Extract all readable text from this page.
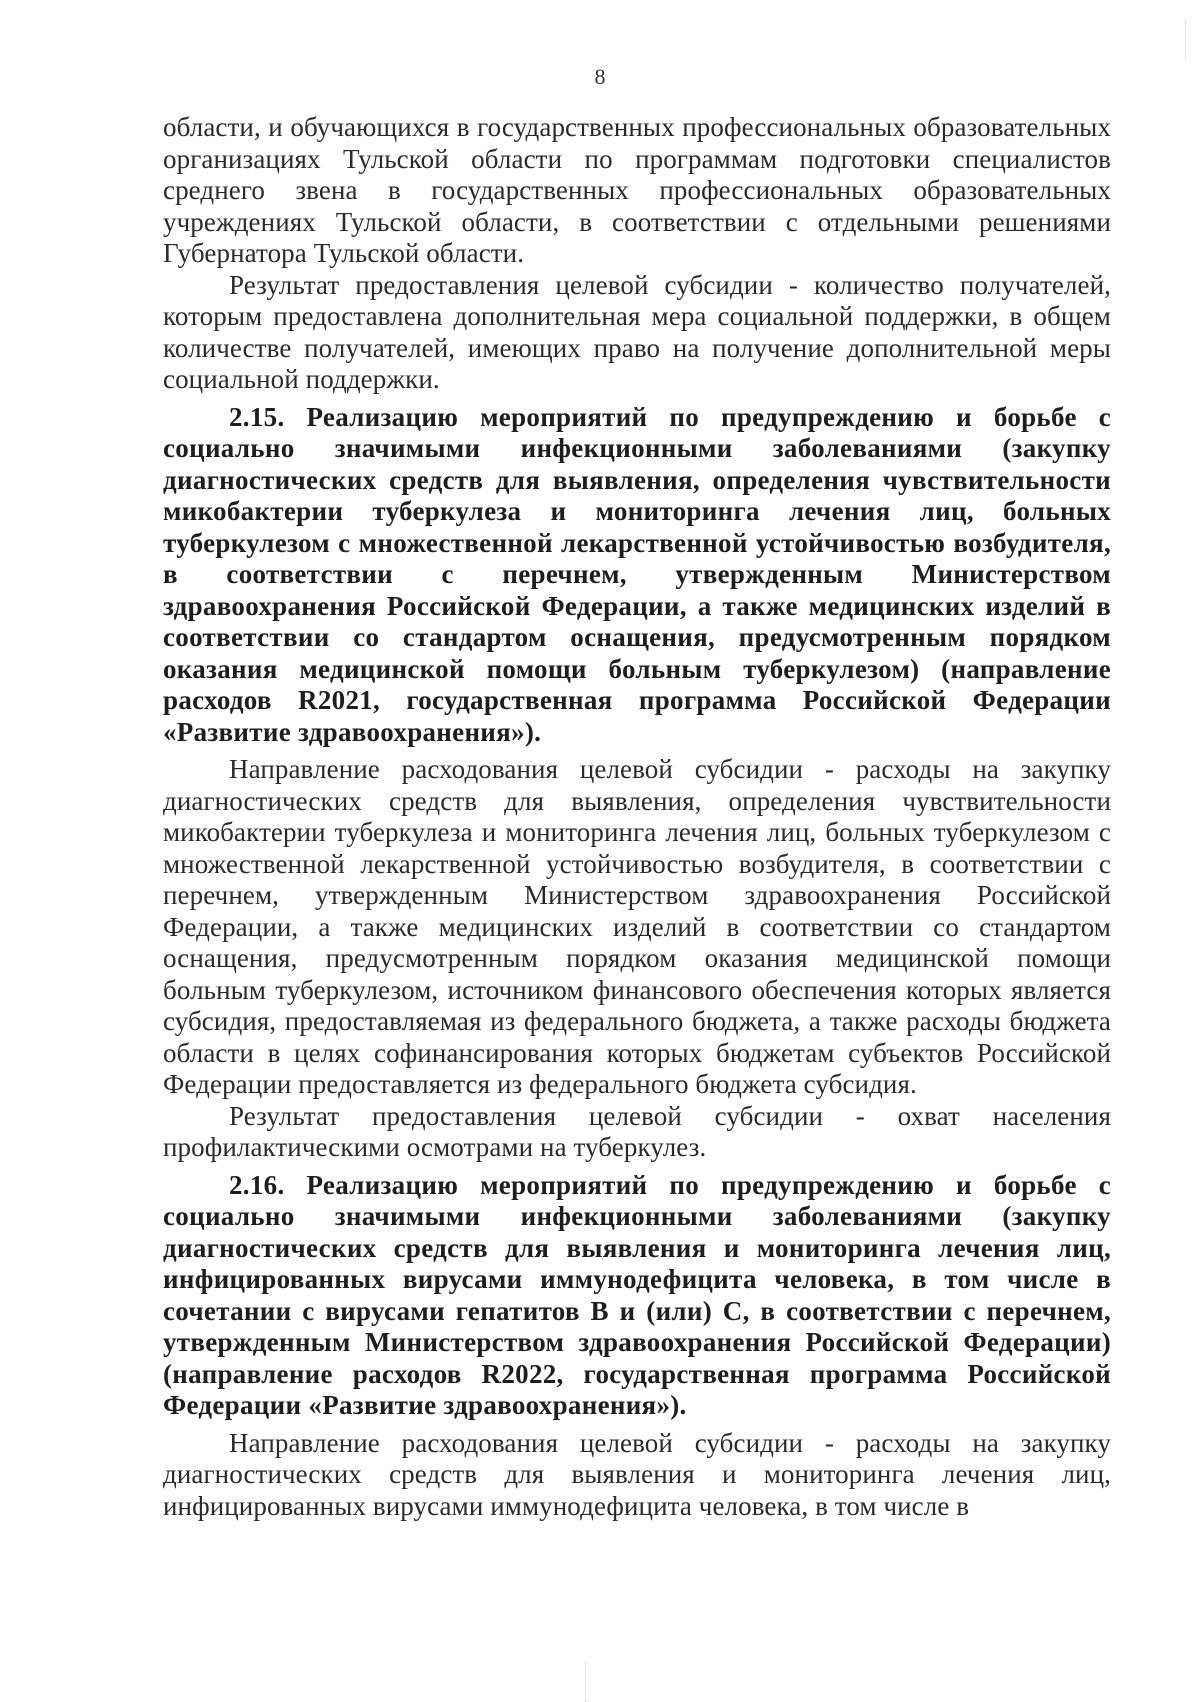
8

области, и обучающихся в государственных профессиональных образовательных организациях Тульской области по программам подготовки специалистов среднего звена в государственных профессиональных образовательных учреждениях Тульской области, в соответствии с отдельными решениями Губернатора Тульской области.

Результат предоставления целевой субсидии - количество получателей, которым предоставлена дополнительная мера социальной поддержки, в общем количестве получателей, имеющих право на получение дополнительной меры социальной поддержки.

2.15. Реализацию мероприятий по предупреждению и борьбе с социально значимыми инфекционными заболеваниями (закупку диагностических средств для выявления, определения чувствительности микобактерии туберкулеза и мониторинга лечения лиц, больных туберкулезом с множественной лекарственной устойчивостью возбудителя, в соответствии с перечнем, утвержденным Министерством здравоохранения Российской Федерации, а также медицинских изделий в соответствии со стандартом оснащения, предусмотренным порядком оказания медицинской помощи больным туберкулезом) (направление расходов R2021, государственная программа Российской Федерации «Развитие здравоохранения»).

Направление расходования целевой субсидии - расходы на закупку диагностических средств для выявления, определения чувствительности микобактерии туберкулеза и мониторинга лечения лиц, больных туберкулезом с множественной лекарственной устойчивостью возбудителя, в соответствии с перечнем, утвержденным Министерством здравоохранения Российской Федерации, а также медицинских изделий в соответствии со стандартом оснащения, предусмотренным порядком оказания медицинской помощи больным туберкулезом, источником финансового обеспечения которых является субсидия, предоставляемая из федерального бюджета, а также расходы бюджета области в целях софинансирования которых бюджетам субъектов Российской Федерации предоставляется из федерального бюджета субсидия.

Результат предоставления целевой субсидии - охват населения профилактическими осмотрами на туберкулез.

2.16. Реализацию мероприятий по предупреждению и борьбе с социально значимыми инфекционными заболеваниями (закупку диагностических средств для выявления и мониторинга лечения лиц, инфицированных вирусами иммунодефицита человека, в том числе в сочетании с вирусами гепатитов В и (или) С, в соответствии с перечнем, утвержденным Министерством здравоохранения Российской Федерации) (направление расходов R2022, государственная программа Российской Федерации «Развитие здравоохранения»).

Направление расходования целевой субсидии - расходы на закупку диагностических средств для выявления и мониторинга лечения лиц, инфицированных вирусами иммунодефицита человека, в том числе в
